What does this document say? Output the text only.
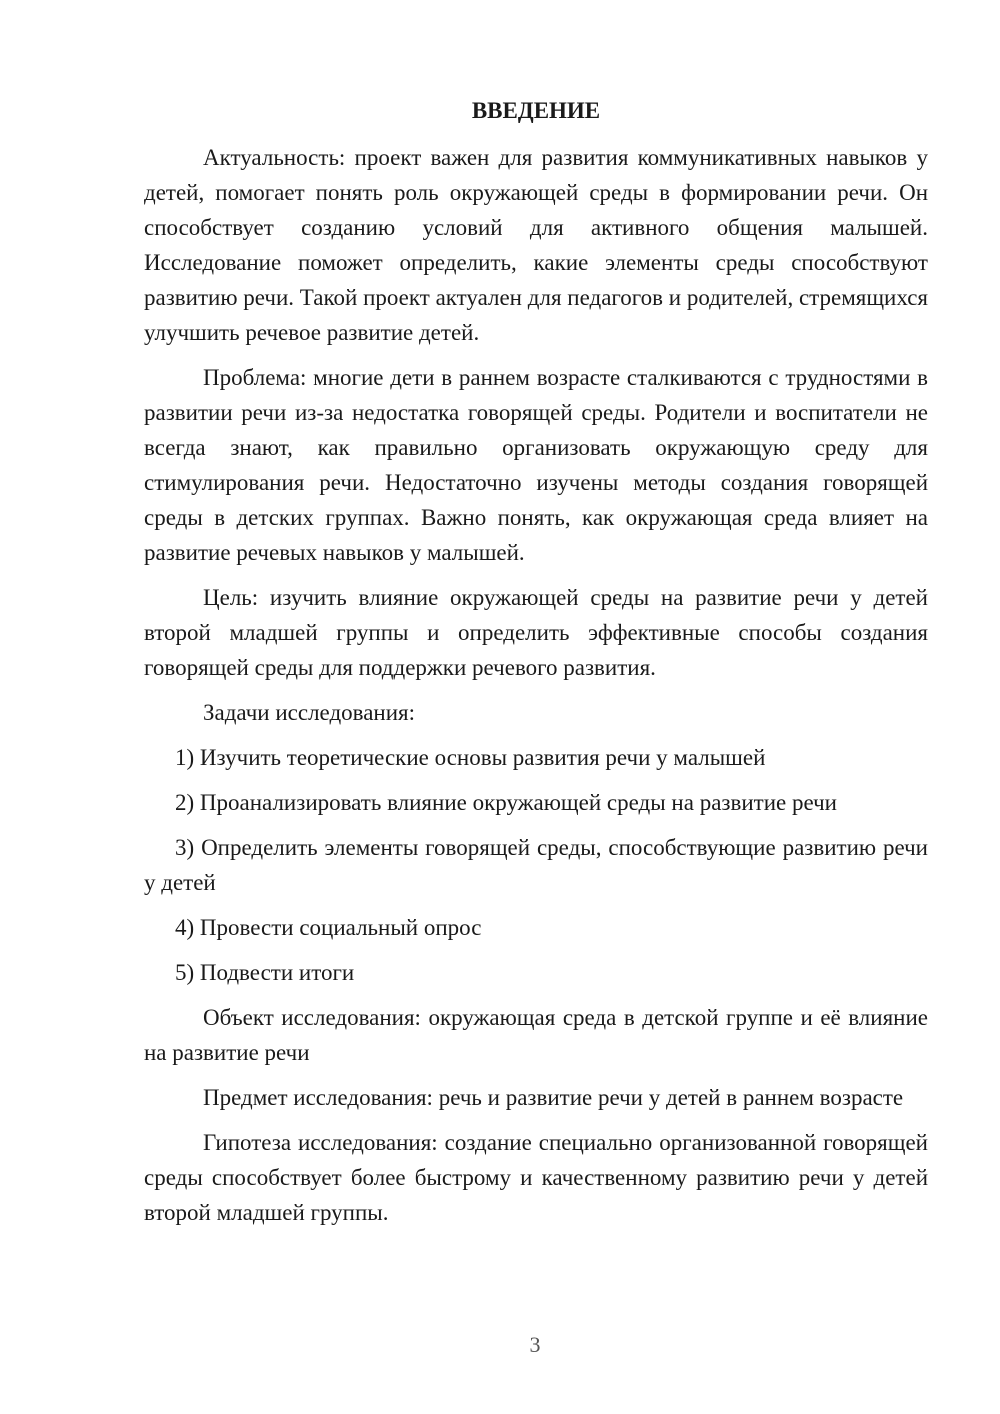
ВВЕДЕНИЕ

Актуальность: проект важен для развития коммуникативных навыков у детей, помогает понять роль окружающей среды в формировании речи. Он способствует созданию условий для активного общения малышей. Исследование поможет определить, какие элементы среды способствуют развитию речи. Такой проект актуален для педагогов и родителей, стремящихся улучшить речевое развитие детей.

Проблема: многие дети в раннем возрасте сталкиваются с трудностями в развитии речи из-за недостатка говорящей среды. Родители и воспитатели не всегда знают, как правильно организовать окружающую среду для стимулирования речи. Недостаточно изучены методы создания говорящей среды в детских группах. Важно понять, как окружающая среда влияет на развитие речевых навыков у малышей.

Цель: изучить влияние окружающей среды на развитие речи у детей второй младшей группы и определить эффективные способы создания говорящей среды для поддержки речевого развития.

Задачи исследования:

1) Изучить теоретические основы развития речи у малышей

2) Проанализировать влияние окружающей среды на развитие речи

3) Определить элементы говорящей среды, способствующие развитию речи у детей

4) Провести социальный опрос

5) Подвести итоги

Объект исследования: окружающая среда в детской группе и её влияние на развитие речи

Предмет исследования: речь и развитие речи у детей в раннем возрасте

Гипотеза исследования: создание специально организованной говорящей среды способствует более быстрому и качественному развитию речи у детей второй младшей группы.

3
